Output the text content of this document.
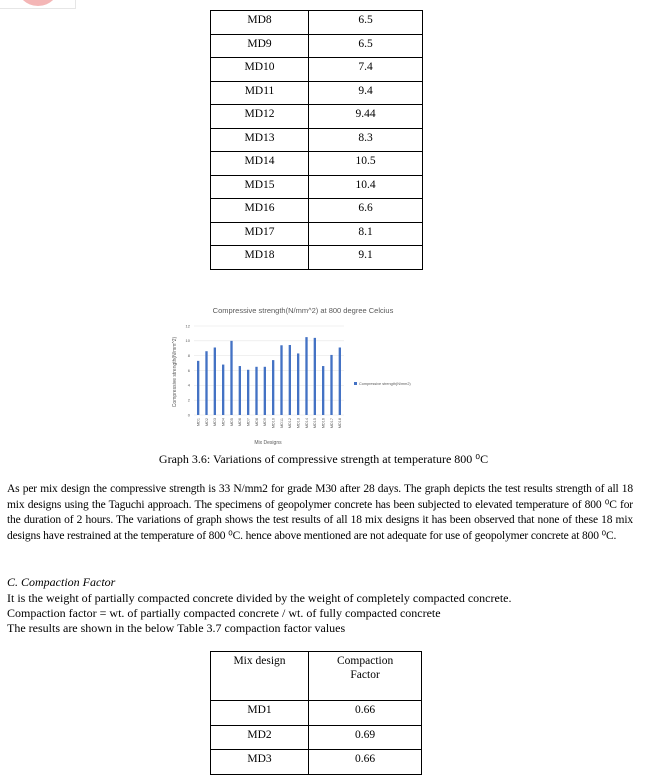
MD8	6.5
MD9	6.5
MD10	7.4
MD11	9.4
MD12	9.44
MD13	8.3
MD14	10.5
MD15	10.4
MD16	6.6
MD17	8.1
MD18	9.1
Compressive strength(N/mm^2) at 800 degree Celcius
Compressive strength(N/mm^2)
Mix Designs
0
2
4
6
8
10
12
MD1 MD2 MD3 MD4 MD5 MD6 MD7 MD8 MD9 MD10 MD11 MD12 MD13 MD14 MD15 MD16 MD17 MD18
Compressive strength(N/mm2)
Graph 3.6: Variations of compressive strength at temperature 800 ⁰C
As per mix design the compressive strength is 33 N/mm2 for grade M30 after 28 days. The graph depicts the test results strength of all 18 mix designs using the Taguchi approach. The specimens of geopolymer concrete has been subjected to elevated temperature of 800 ⁰C for the duration of 2 hours. The variations of graph shows the test results of all 18 mix designs it has been observed that none of these 18 mix designs have restrained at the temperature of 800 ⁰C. hence above mentioned are not adequate for use of geopolymer concrete at 800 ⁰C.
C. Compaction Factor
It is the weight of partially compacted concrete divided by the weight of completely compacted concrete.
Compaction factor = wt. of partially compacted concrete / wt. of fully compacted concrete
The results are shown in the below Table 3.7 compaction factor values
Mix design	Compaction Factor
MD1	0.66
MD2	0.69
MD3	0.66
